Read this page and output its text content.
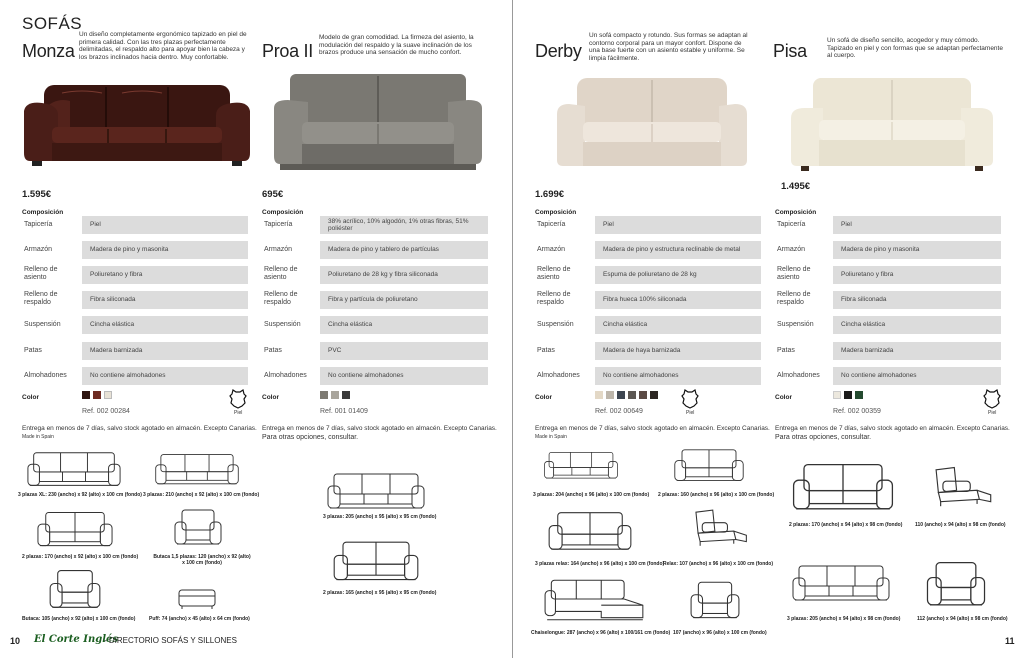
SOFÁS
Monza
Un diseño completamente ergonómico tapizado en piel de primera calidad. Con las tres plazas perfectamente delimitadas, el respaldo alto para apoyar bien la cabeza y los brazos inclinados hacia dentro. Muy confortable.
1.595€
Composición
Tapicería	Piel
Armazón	Madera de pino y masonita
Relleno de asiento	Poliuretano y fibra
Relleno de respaldo	Fibra siliconada
Suspensión	Cincha elástica
Patas	Madera barnizada
Almohadones	No contiene almohadones
Color
Ref. 002 00284	Piel
Entrega en menos de 7 días, salvo stock agotado en almacén. Excepto Canarias.
Made in Spain
3 plazas XL: 230 (ancho) x 92 (alto) x 100 cm (fondo) 3 plazas: 210 (ancho) x 92 (alto) x 100 cm (fondo)
2 plazas: 170 (ancho) x 92 (alto) x 100 cm (fondo)	Butaca 1,5 plazas: 120 (ancho) x 92 (alto) x 100 cm (fondo)
Butaca: 105 (ancho) x 92 (alto) x 100 cm (fondo)	Puff: 74 (ancho) x 45 (alto) x 64 cm (fondo)
Proa II
Modelo de gran comodidad. La firmeza del asiento, la modulación del respaldo y la suave inclinación de los brazos produce una sensación de mucho confort.
695€
Composición
Tapicería	38% acrílico, 10% algodón, 1% otras fibras, 51% poliéster
Armazón	Madera de pino y tablero de partículas
Relleno de asiento	Poliuretano de 28 kg y fibra siliconada
Relleno de respaldo	Fibra y partícula de poliuretano
Suspensión	Cincha elástica
Patas	PVC
Almohadones	No contiene almohadones
Color
Ref. 001 01409
Entrega en menos de 7 días, salvo stock agotado en almacén. Excepto Canarias.
Para otras opciones, consultar.
3 plazas: 205 (ancho) x 95 (alto) x 95 cm (fondo)
2 plazas: 165 (ancho) x 95 (alto) x 95 cm (fondo)
10 El Corte Inglés
- DIRECTORIO SOFÁS Y SILLONES
Derby
Un sofá compacto y rotundo. Sus formas se adaptan al contorno corporal para un mayor confort. Dispone de una base fuerte con un asiento estable y uniforme. Se limpia fácilmente.
1.699€
Composición
Tapicería	Piel
Armazón	Madera de pino y estructura reclinable de metal
Relleno de asiento	Espuma de poliuretano de 28 kg
Relleno de respaldo	Fibra hueca 100% siliconada
Suspensión	Cincha elástica
Patas	Madera de haya barnizada
Almohadones	No contiene almohadones
Color
Ref. 002 00649	Piel
Entrega en menos de 7 días, salvo stock agotado en almacén. Excepto Canarias.
Made in Spain
3 plazas: 204 (ancho) x 96 (alto) x 100 cm (fondo) 2 plazas: 160 (ancho) x 96 (alto) x 100 cm (fondo)
3 plazas relax: 164 (ancho) x 96 (alto) x 100 cm (fondo)
Relax: 107 (ancho) x 96 (alto) x 100 cm (fondo)
Chaiselongue: 287 (ancho) x 96 (alto) x 100/161 cm (fondo) 107 (ancho) x 96 (alto) x 100 cm (fondo)
Pisa
Un sofá de diseño sencillo, acogedor y muy cómodo. Tapizado en piel y con formas que se adaptan perfectamente al cuerpo.
1.495€
Composición
Tapicería	Piel
Armazón	Madera de pino y masonita
Relleno de asiento	Poliuretano y fibra
Relleno de respaldo	Fibra siliconada
Suspensión	Cincha elástica
Patas	Madera barnizada
Almohadones	No contiene almohadones
Color
Ref. 002 00359	Piel
Entrega en menos de 7 días, salvo stock agotado en almacén. Excepto Canarias.
Para otras opciones, consultar.
2 plazas: 170 (ancho) x 94 (alto) x 98 cm (fondo)	110 (ancho) x 94 (alto) x 98 cm (fondo)
3 plazas: 205 (ancho) x 94 (alto) x 98 cm (fondo)	112 (ancho) x 94 (alto) x 98 cm (fondo)
11
